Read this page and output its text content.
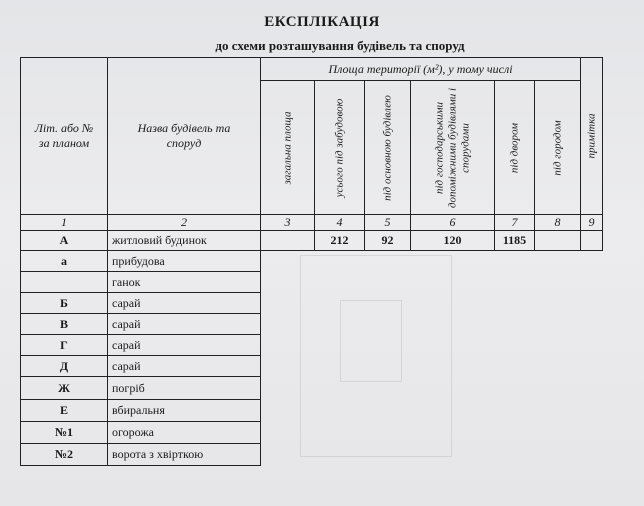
ЕКСПЛІКАЦІЯ
до схеми розташування будівель та споруд
Літ. або № за планом	Назва будівель та споруд	Площа території (м²), у тому числі						примітка

		загальна площа	усього під забудовою	під основною будівлею	під господарськими допоміжними будівлями і спорудами	під двором	під городом	

1	2	3	4	5	6	7	8	9
А	житловий будинок		212	92	120	1185		
а	прибудова							
	ганок							
Б	сарай							
В	сарай							
Г	сарай							
Д	сарай							
Ж	погріб							
Е	вбиральня							
№1	огорожа							
№2	ворота з хвірткою							
